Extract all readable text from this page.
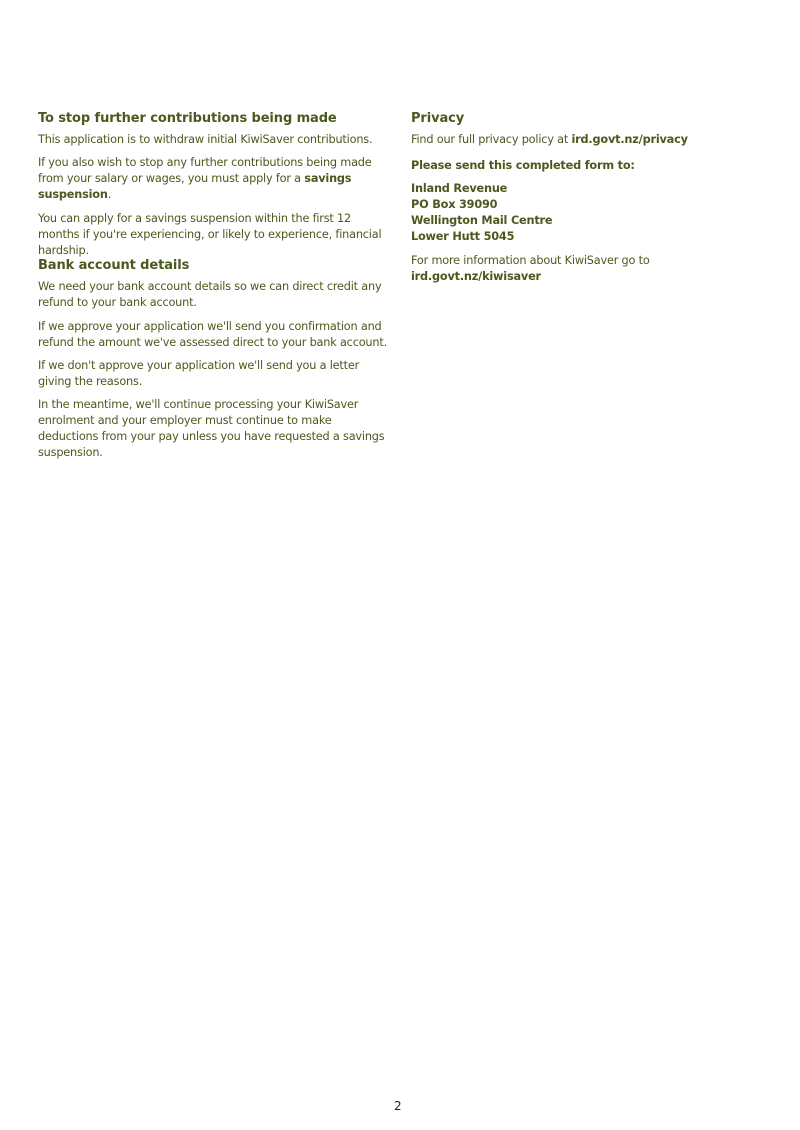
To stop further contributions being made
This application is to withdraw initial KiwiSaver contributions.
If you also wish to stop any further contributions being made from your salary or wages, you must apply for a savings suspension.
You can apply for a savings suspension within the first 12 months if you're experiencing, or likely to experience, financial hardship.
Bank account details
We need your bank account details so we can direct credit any refund to your bank account.
If we approve your application we'll send you confirmation and refund the amount we've assessed direct to your bank account.
If we don't approve your application we'll send you a letter giving the reasons.
In the meantime, we'll continue processing your KiwiSaver enrolment and your employer must continue to make deductions from your pay unless you have requested a savings suspension.
Privacy
Find our full privacy policy at ird.govt.nz/privacy
Please send this completed form to:
Inland Revenue
PO Box 39090
Wellington Mail Centre
Lower Hutt 5045
For more information about KiwiSaver go to
ird.govt.nz/kiwisaver
2
